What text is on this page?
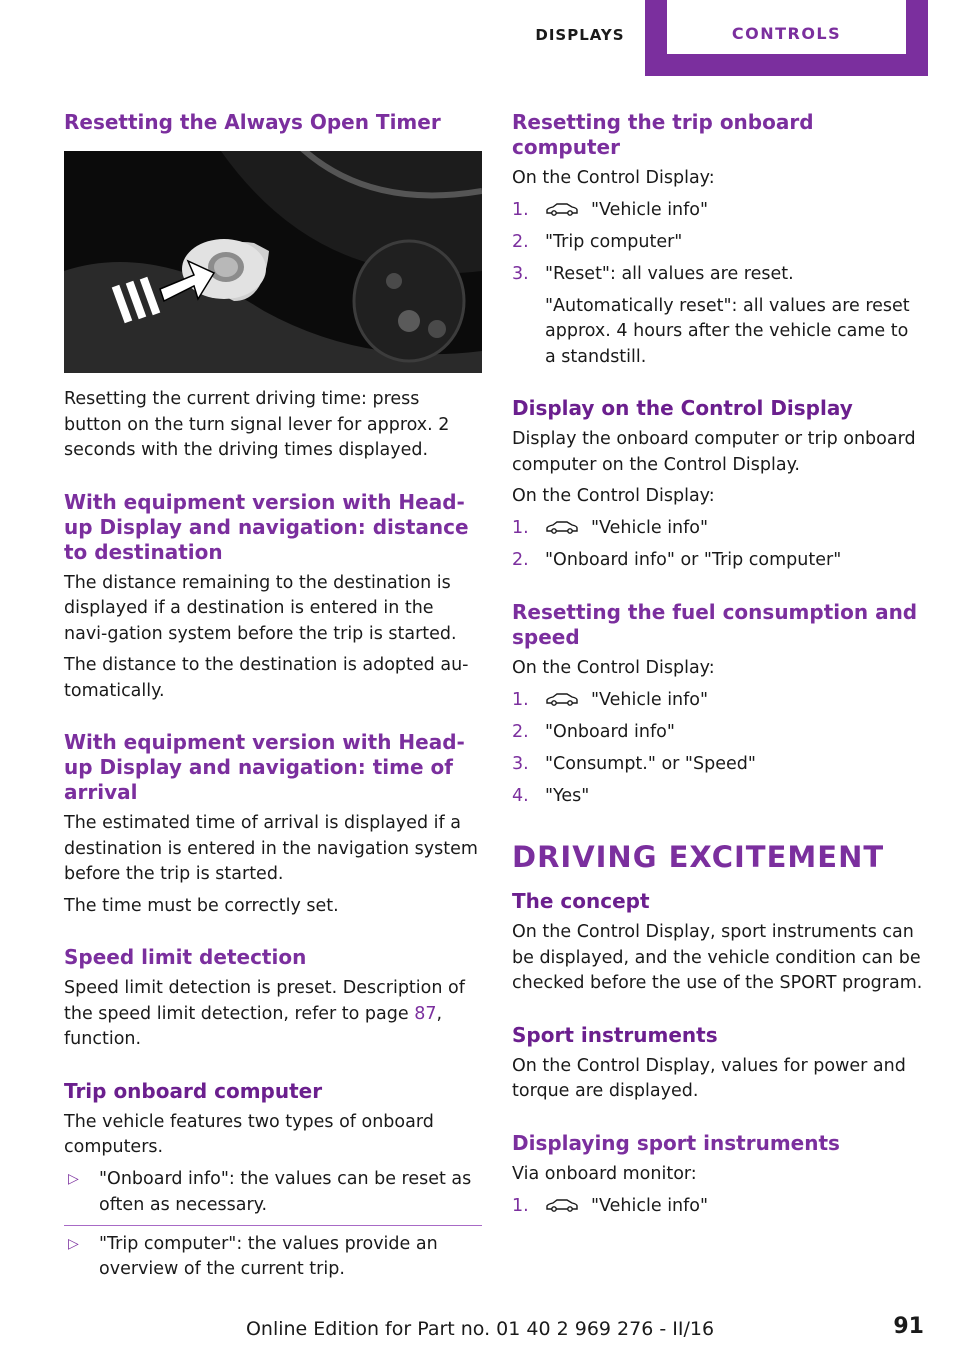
DISPLAYS	CONTROLS
Resetting the Always Open Timer

Resetting the current driving time: press button on the turn signal lever for approx. 2 seconds with the driving times displayed.

With equipment version with Head-up Display and navigation: distance to destination

The distance remaining to the destination is displayed if a destination is entered in the navi‐gation system before the trip is started.

The distance to the destination is adopted au‐tomatically.

With equipment version with Head-up Display and navigation: time of arrival

The estimated time of arrival is displayed if a destination is entered in the navigation system before the trip is started.

The time must be correctly set.

Speed limit detection

Speed limit detection is preset. Description of the speed limit detection, refer to page 87, function.

Trip onboard computer

The vehicle features two types of onboard computers.

▷ "Onboard info": the values can be reset as often as necessary.
▷ "Trip computer": the values provide an overview of the current trip.
Resetting the trip onboard computer

On the Control Display:

1.	"Vehicle info"
2. "Trip computer"
3. "Reset": all values are reset.
"Automatically reset": all values are reset approx. 4 hours after the vehicle came to a standstill.
Display on the Control Display

Display the onboard computer or trip onboard computer on the Control Display.

On the Control Display:

1.	"Vehicle info"
2. "Onboard info" or "Trip computer"
Resetting the fuel consumption and speed

On the Control Display:

1.	"Vehicle info"
2. "Onboard info"
3. "Consumpt." or "Speed"
4. "Yes"
DRIVING EXCITEMENT
The concept

On the Control Display, sport instruments can be displayed, and the vehicle condition can be checked before the use of the SPORT program.

Sport instruments

On the Control Display, values for power and torque are displayed.

Displaying sport instruments

Via onboard monitor:

1.	"Vehicle info"
Online Edition for Part no. 01 40 2 969 276 - II/16	91
